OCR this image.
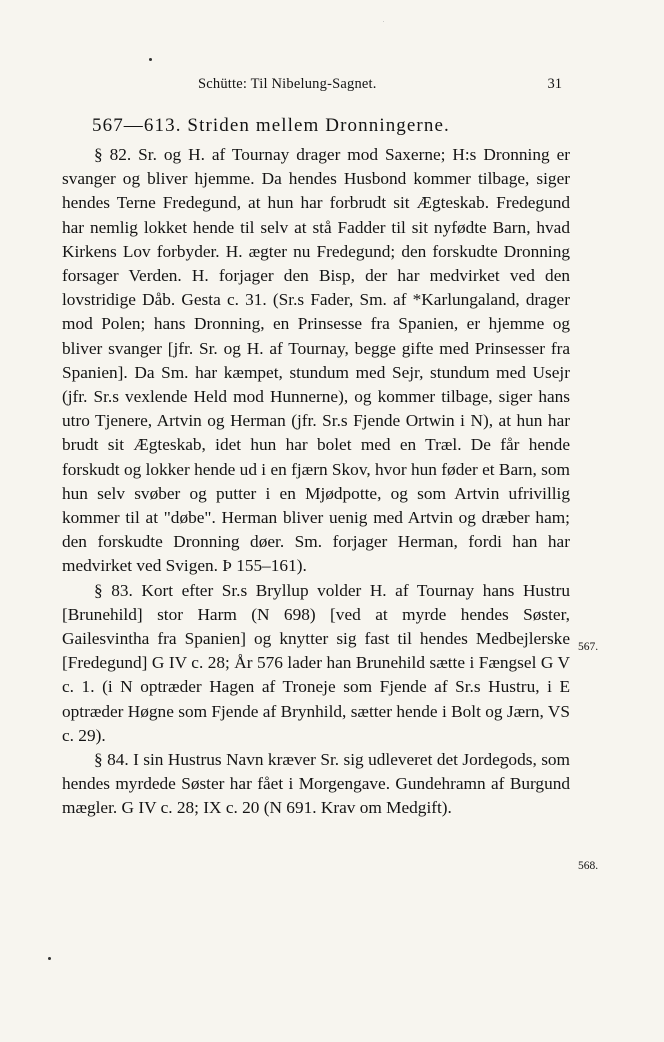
Schütte: Til Nibelung-Sagnet.	31
567—613. Striden mellem Dronningerne.

§ 82. Sr. og H. af Tournay drager mod Saxerne; H:s Dronning er svanger og bliver hjemme. Da hendes Husbond kommer tilbage, siger hendes Terne Fredegund, at hun har forbrudt sit Ægteskab. Fredegund har nemlig lokket hende til selv at stå Fadder til sit nyfødte Barn, hvad Kirkens Lov forbyder. H. ægter nu Fredegund; den forskudte Dronning forsager Verden. H. forjager den Bisp, der har medvirket ved den lovstridige Dåb. Gesta c. 31. (Sr.s Fader, Sm. af *Karlungaland, drager mod Polen; hans Dronning, en Prinsesse fra Spanien, er hjemme og bliver svanger [jfr. Sr. og H. af Tournay, begge gifte med Prinsesser fra Spanien]. Da Sm. har kæmpet, stundum med Sejr, stundum med Usejr (jfr. Sr.s vexlende Held mod Hunnerne), og kommer tilbage, siger hans utro Tjenere, Artvin og Herman (jfr. Sr.s Fjende Ortwin i N), at hun har brudt sit Ægteskab, idet hun har bolet med en Træl. De får hende forskudt og lokker hende ud i en fjærn Skov, hvor hun føder et Barn, som hun selv svøber og putter i en Mjødpotte, og som Artvin ufrivillig kommer til at "døbe". Herman bliver uenig med Artvin og dræber ham; den forskudte Dronning døer. Sm. forjager Herman, fordi han har medvirket ved Svigen. Þ 155–161).

§ 83. Kort efter Sr.s Bryllup volder H. af Tournay hans Hustru [Brunehild] stor Harm (N 698) [ved at myrde hendes Søster, Gailesvintha fra Spanien] og knytter sig fast til hendes Medbejlerske [Fredegund] G IV c. 28; År 576 lader han Brunehild sætte i Fængsel G V c. 1. (i N optræder Hagen af Troneje som Fjende af Sr.s Hustru, i E optræder Høgne som Fjende af Brynhild, sætter hende i Bolt og Jærn, VS c. 29).

§ 84. I sin Hustrus Navn kræver Sr. sig udleveret det Jordegods, som hendes myrdede Søster har fået i Morgengave. Gundehramn af Burgund mægler. G IV c. 28; IX c. 20 (N 691. Krav om Medgift).

567.
568.
